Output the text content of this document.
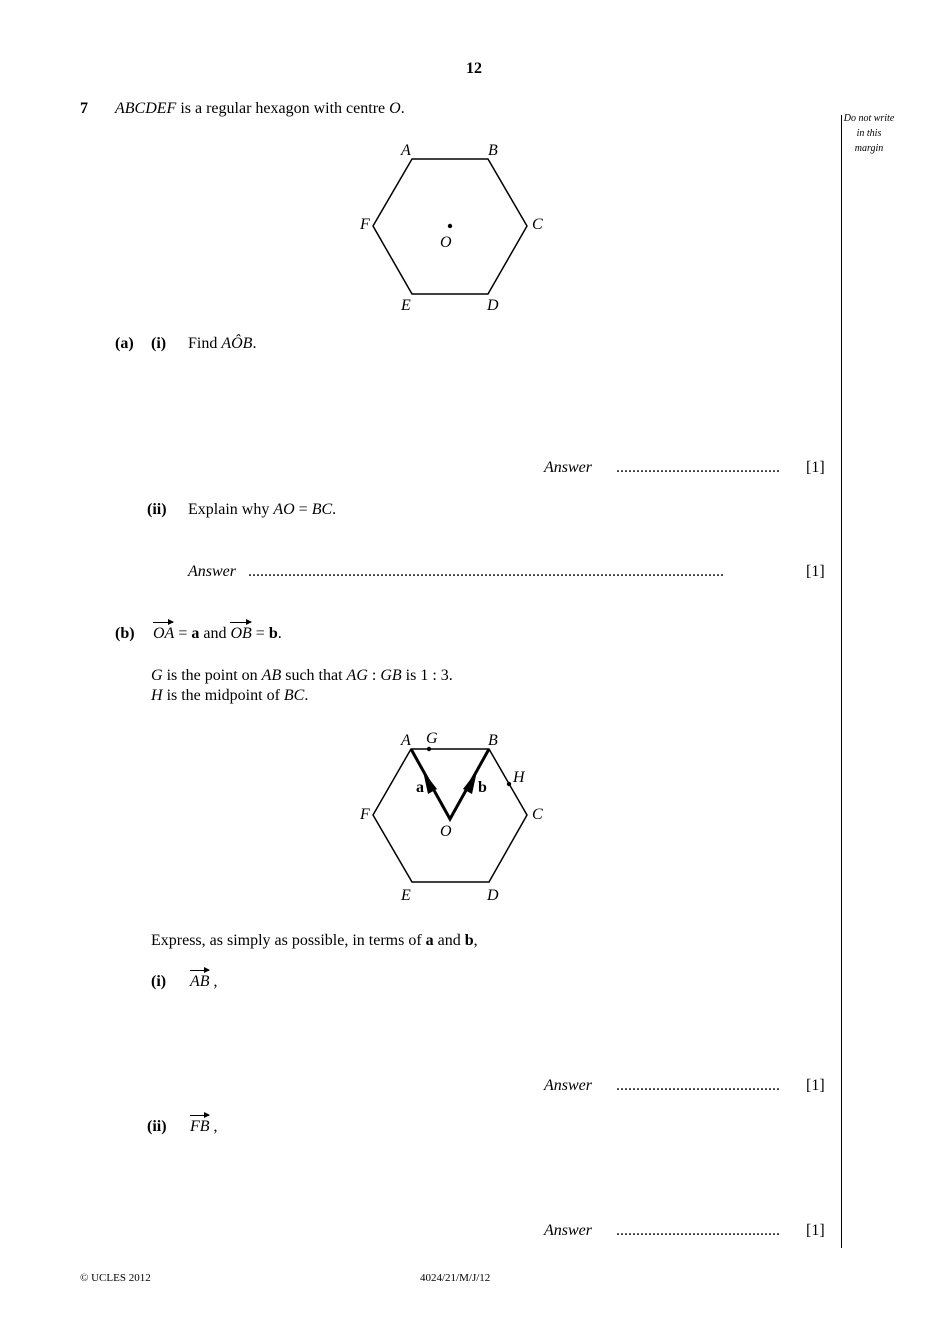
12
Do not write in this margin
7 ABCDEF is a regular hexagon with centre O.
A	B
C
D
E
F
O
A G	B
H
C
D
E
F
O
a	b
(a) (i) Find AÔB.
Answer ......................................... [1]
(ii) Explain why AO = BC.
Answer .......................................................................................................................	[1]
(b) OA = a and OB = b.
G is the point on AB such that AG : GB is 1 : 3.
H is the midpoint of BC.
Express, as simply as possible, in terms of a and b,
(i) AB ,
Answer ......................................... [1]
(ii) FB ,
Answer ......................................... [1]
© UCLES 2012	4024/21/M/J/12
